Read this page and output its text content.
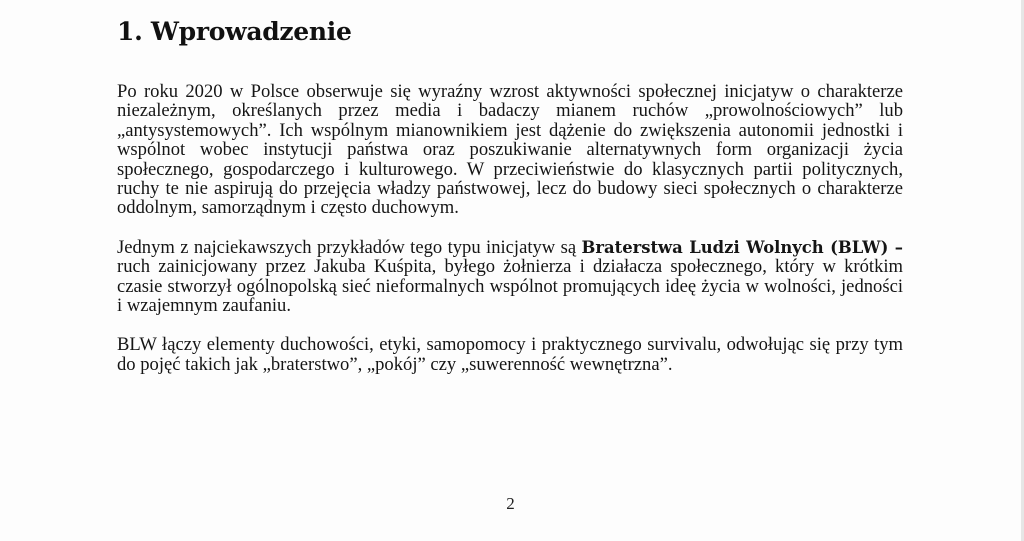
1. Wprowadzenie

Po roku 2020 w Polsce obserwuje się wyraźny wzrost aktywności społecznej inicjatyw o charakterze niezależnym, określanych przez media i badaczy mianem ruchów „prowolnościowych” lub „antysystemowych”. Ich wspólnym mianownikiem jest dążenie do zwiększenia autonomii jednostki i wspólnot wobec instytucji państwa oraz poszukiwanie alternatywnych form organizacji życia społecznego, gospodarczego i kulturowego. W przeciwieństwie do klasycznych partii politycznych, ruchy te nie aspirują do przejęcia władzy państwowej, lecz do budowy sieci społecznych o charakterze oddolnym, samorządnym i często duchowym.

Jednym z najciekawszych przykładów tego typu inicjatyw są Braterstwa Ludzi Wolnych (BLW) – ruch zainicjowany przez Jakuba Kuśpita, byłego żołnierza i działacza społecznego, który w krótkim czasie stworzył ogólnopolską sieć nieformalnych wspólnot promujących ideę życia w wolności, jedności i wzajemnym zaufaniu.

BLW łączy elementy duchowości, etyki, samopomocy i praktycznego survivalu, odwołując się przy tym do pojęć takich jak „braterstwo”, „pokój” czy „suwerenność wewnętrzna”.

2
